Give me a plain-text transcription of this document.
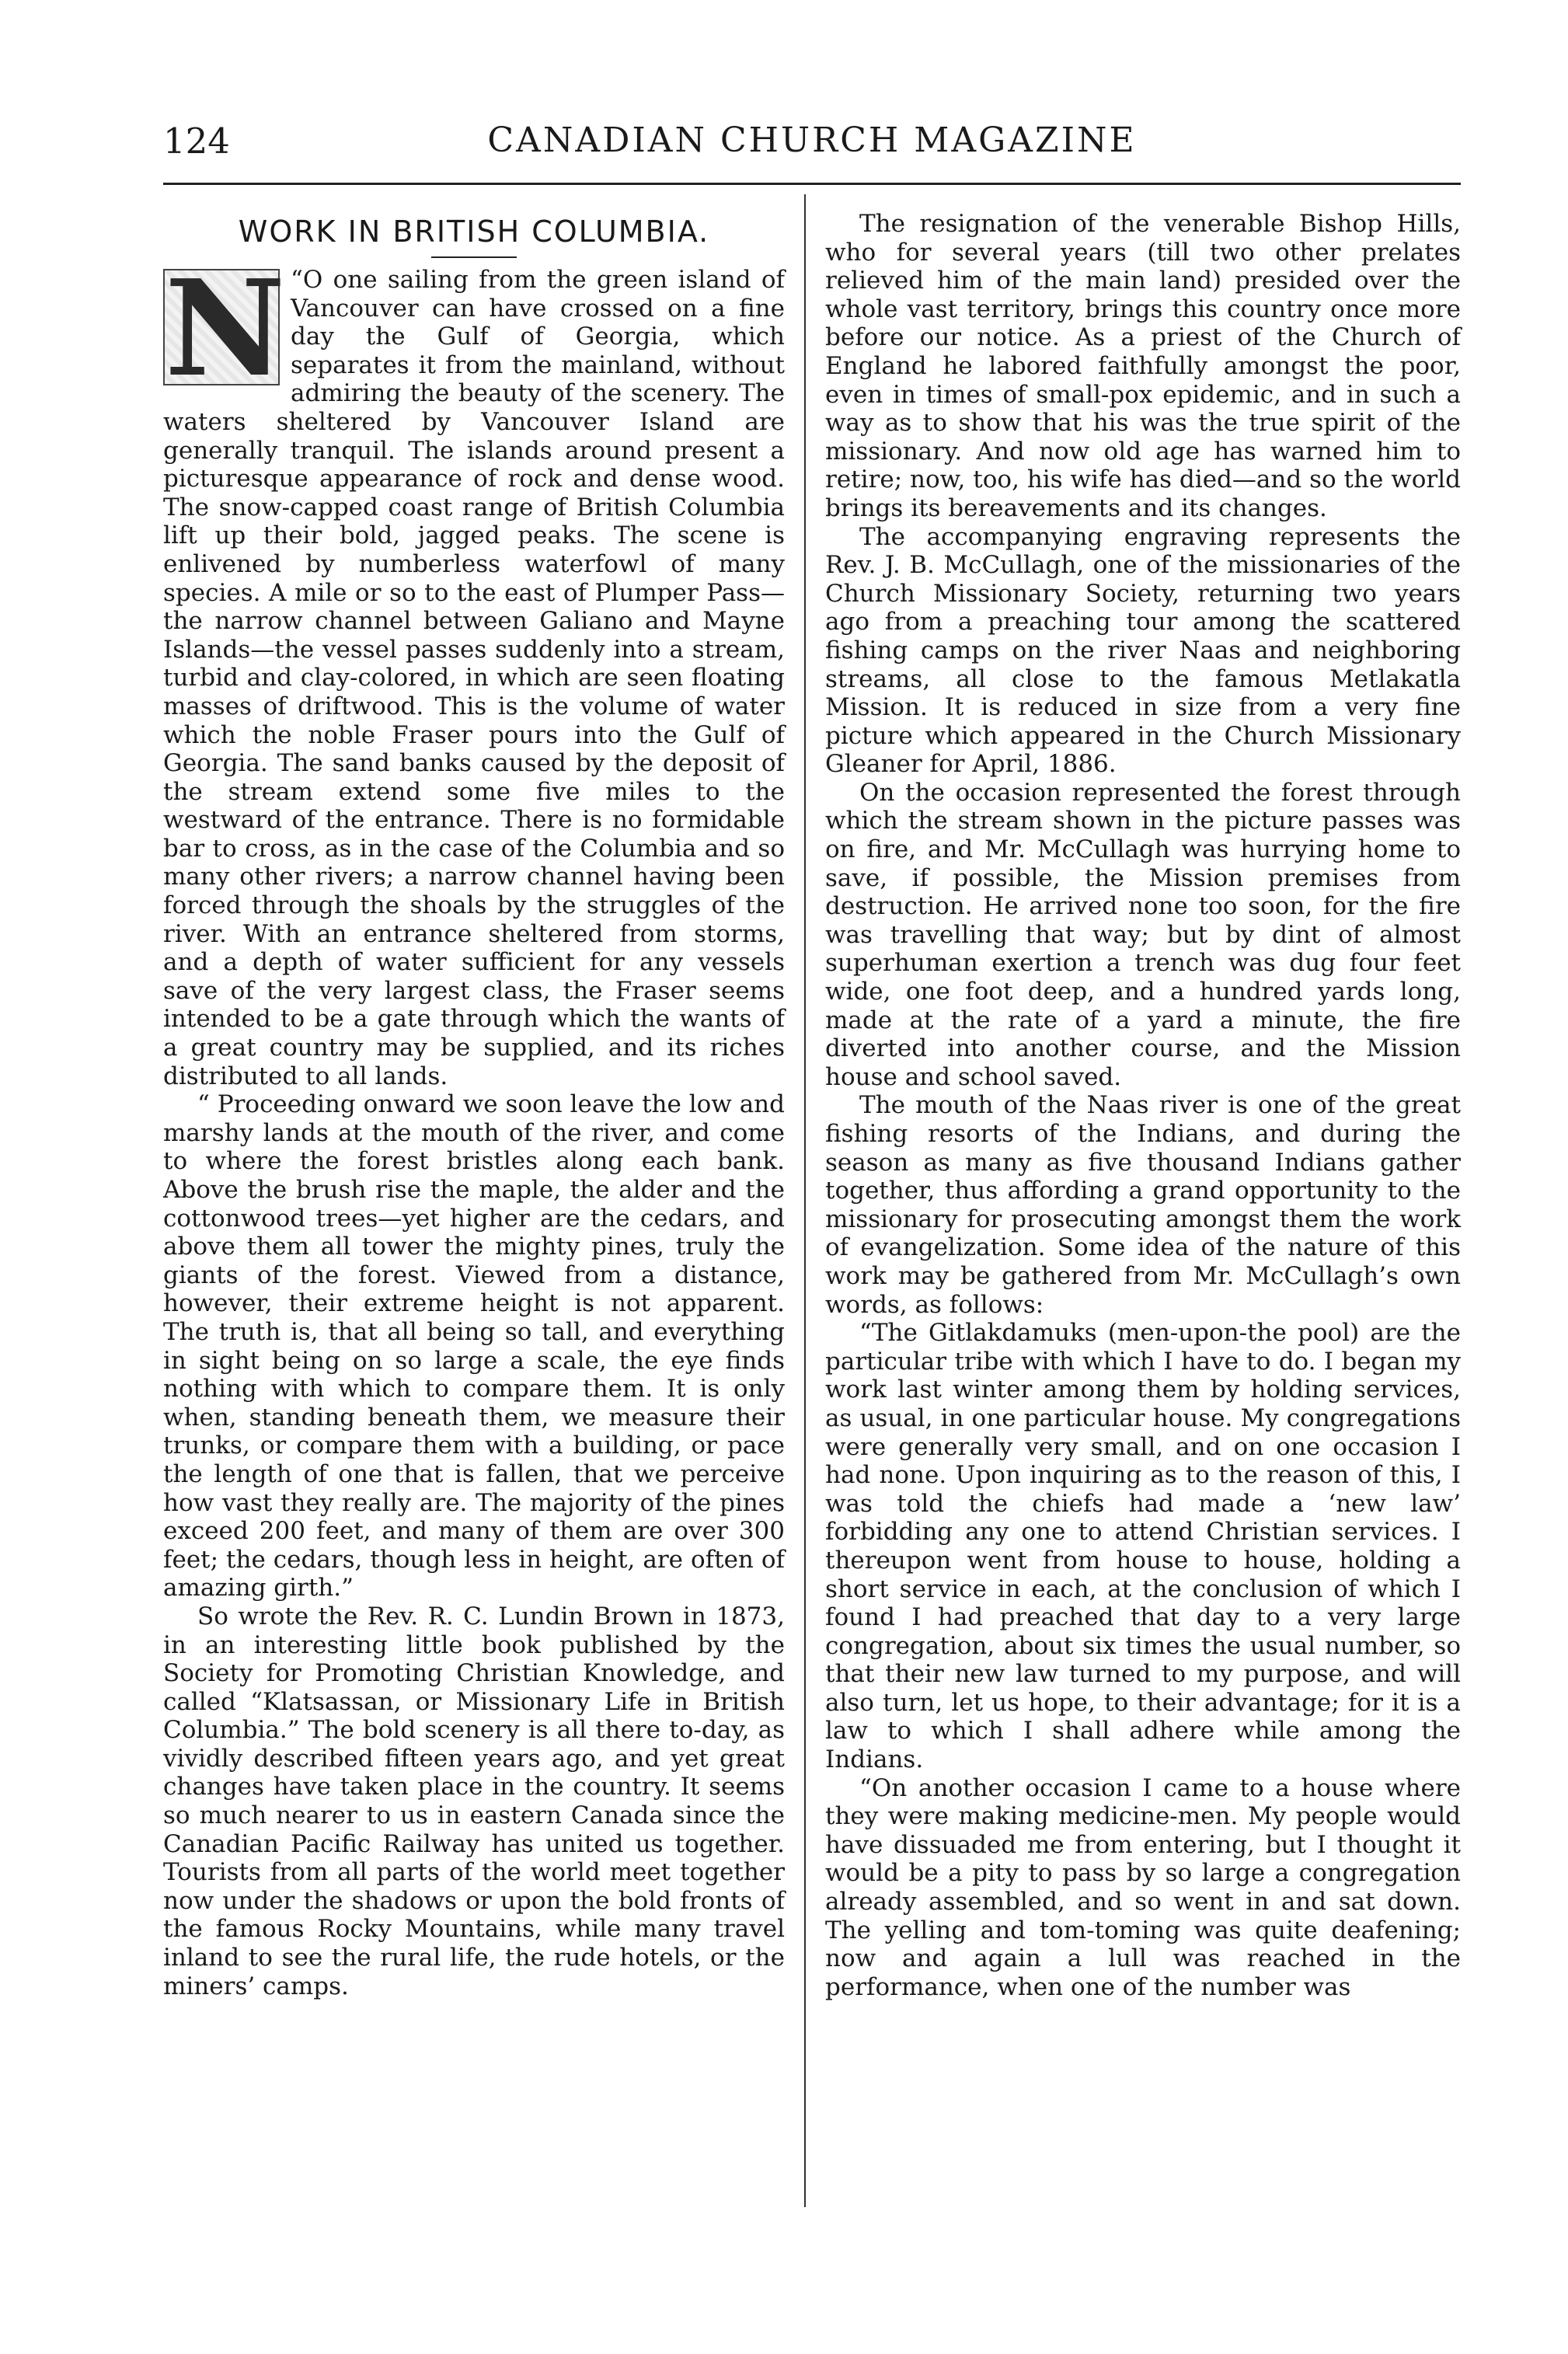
124	CANADIAN CHURCH MAGAZINE
WORK IN BRITISH COLUMBIA.

N “O one sailing from the green island of Vancouver can have crossed on a fine day the Gulf of Georgia, which separates it from the mainland, without admiring the beauty of the scenery. The waters sheltered by Vancouver Island are generally tranquil. The islands around present a picturesque appearance of rock and dense wood. The snow-capped coast range of British Columbia lift up their bold, jagged peaks. The scene is enlivened by numberless waterfowl of many species. A mile or so to the east of Plumper Pass—the narrow channel between Galiano and Mayne Islands—the vessel passes suddenly into a stream, turbid and clay-colored, in which are seen floating masses of driftwood. This is the volume of water which the noble Fraser pours into the Gulf of Georgia. The sand banks caused by the deposit of the stream extend some five miles to the westward of the entrance. There is no formidable bar to cross, as in the case of the Columbia and so many other rivers; a narrow channel having been forced through the shoals by the struggles of the river. With an entrance sheltered from storms, and a depth of water sufficient for any vessels save of the very largest class, the Fraser seems intended to be a gate through which the wants of a great country may be supplied, and its riches distributed to all lands.

“ Proceeding onward we soon leave the low and marshy lands at the mouth of the river, and come to where the forest bristles along each bank. Above the brush rise the maple, the alder and the cottonwood trees—yet higher are the cedars, and above them all tower the mighty pines, truly the giants of the forest. Viewed from a distance, however, their extreme height is not apparent. The truth is, that all being so tall, and everything in sight being on so large a scale, the eye finds nothing with which to compare them. It is only when, standing beneath them, we measure their trunks, or compare them with a building, or pace the length of one that is fallen, that we perceive how vast they really are. The majority of the pines exceed 200 feet, and many of them are over 300 feet; the cedars, though less in height, are often of amazing girth.”

So wrote the Rev. R. C. Lundin Brown in 1873, in an interesting little book published by the Society for Promoting Christian Knowledge, and called “Klatsassan, or Missionary Life in British Columbia.” The bold scenery is all there to-day, as vividly described fifteen years ago, and yet great changes have taken place in the country. It seems so much nearer to us in eastern Canada since the Canadian Pacific Railway has united us together. Tourists from all parts of the world meet together now under the shadows or upon the bold fronts of the famous Rocky Mountains, while many travel inland to see the rural life, the rude hotels, or the miners’ camps.

The resignation of the venerable Bishop Hills, who for several years (till two other prelates relieved him of the main land) presided over the whole vast territory, brings this country once more before our notice. As a priest of the Church of England he labored faithfully amongst the poor, even in times of small-pox epidemic, and in such a way as to show that his was the true spirit of the missionary. And now old age has warned him to retire; now, too, his wife has died—and so the world brings its bereavements and its changes.

The accompanying engraving represents the Rev. J. B. McCullagh, one of the missionaries of the Church Missionary Society, returning two years ago from a preaching tour among the scattered fishing camps on the river Naas and neighboring streams, all close to the famous Metlakatla Mission. It is reduced in size from a very fine picture which appeared in the Church Missionary Gleaner for April, 1886.

On the occasion represented the forest through which the stream shown in the picture passes was on fire, and Mr. McCullagh was hurrying home to save, if possible, the Mission premises from destruction. He arrived none too soon, for the fire was travelling that way; but by dint of almost superhuman exertion a trench was dug four feet wide, one foot deep, and a hundred yards long, made at the rate of a yard a minute, the fire diverted into another course, and the Mission house and school saved.

The mouth of the Naas river is one of the great fishing resorts of the Indians, and during the season as many as five thousand Indians gather together, thus affording a grand opportunity to the missionary for prosecuting amongst them the work of evangelization. Some idea of the nature of this work may be gathered from Mr. McCullagh’s own words, as follows:

“The Gitlakdamuks (men-upon-the pool) are the particular tribe with which I have to do. I began my work last winter among them by holding services, as usual, in one particular house. My congregations were generally very small, and on one occasion I had none. Upon inquiring as to the reason of this, I was told the chiefs had made a ‘new law’ forbidding any one to attend Christian services. I thereupon went from house to house, holding a short service in each, at the conclusion of which I found I had preached that day to a very large congregation, about six times the usual number, so that their new law turned to my purpose, and will also turn, let us hope, to their advantage; for it is a law to which I shall adhere while among the Indians.

“On another occasion I came to a house where they were making medicine-men. My people would have dissuaded me from entering, but I thought it would be a pity to pass by so large a congregation already assembled, and so went in and sat down. The yelling and tom-toming was quite deafening; now and again a lull was reached in the performance, when one of the number was
